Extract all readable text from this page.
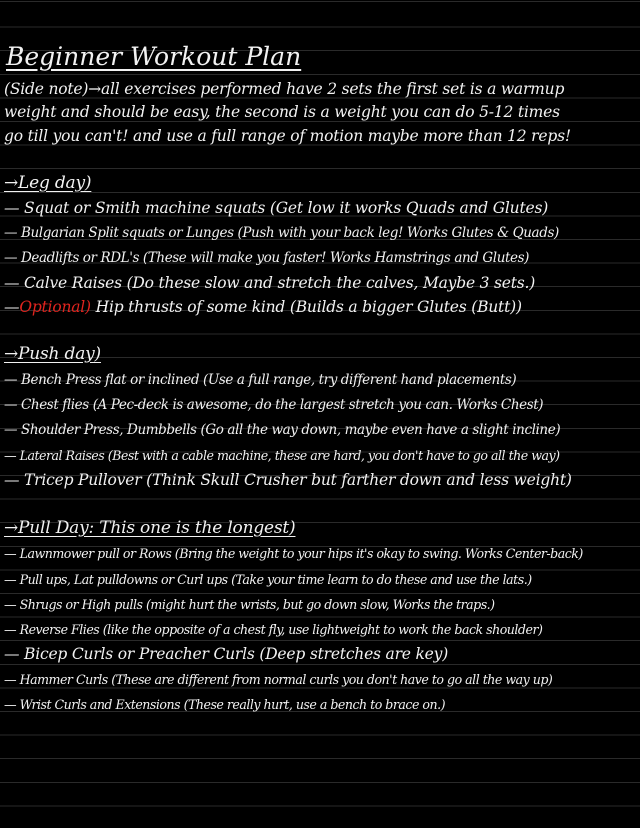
Beginner Workout Plan
(Side note)→all exercises performed have 2 sets the first set is a warmup
weight and should be easy, the second is a weight you can do 5-12 times
go till you can't! and use a full range of motion maybe more than 12 reps!
→Leg day)
— Squat or Smith machine squats (Get low it works Quads and Glutes)
— Bulgarian Split squats or Lunges (Push with your back leg! Works Glutes & Quads)
— Deadlifts or RDL's (These will make you faster! Works Hamstrings and Glutes)
— Calve Raises (Do these slow and stretch the calves, Maybe 3 sets.)
—Optional) Hip thrusts of some kind (Builds a bigger Glutes (Butt))
→Push day)
— Bench Press flat or inclined (Use a full range, try different hand placements)
— Chest flies (A Pec-deck is awesome, do the largest stretch you can. Works Chest)
— Shoulder Press, Dumbbells (Go all the way down, maybe even have a slight incline)
— Lateral Raises (Best with a cable machine, these are hard, you don't have to go all the way)
— Tricep Pullover (Think Skull Crusher but farther down and less weight)
→Pull Day: This one is the longest)
— Lawnmower pull or Rows (Bring the weight to your hips it's okay to swing. Works Center-back)
— Pull ups, Lat pulldowns or Curl ups (Take your time learn to do these and use the lats.)
— Shrugs or High pulls (might hurt the wrists, but go down slow, Works the traps.)
— Reverse Flies (like the opposite of a chest fly, use lightweight to work the back shoulder)
— Bicep Curls or Preacher Curls (Deep stretches are key)
— Hammer Curls (These are different from normal curls you don't have to go all the way up)
— Wrist Curls and Extensions (These really hurt, use a bench to brace on.)
